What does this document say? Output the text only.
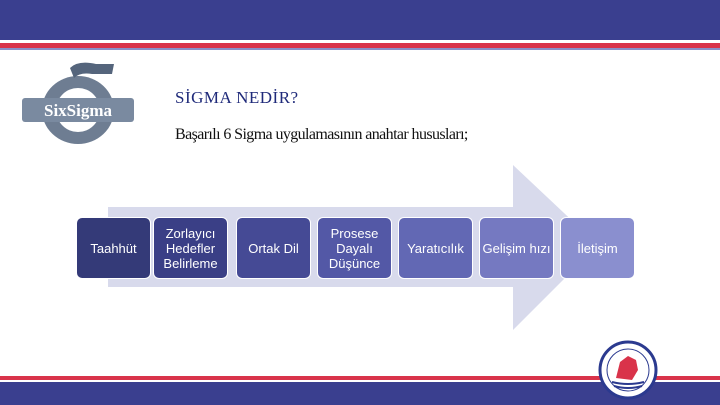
SixSigma
SİGMA NEDİR?
Başarılı 6 Sigma uygulamasının anahtar hususları;
Taahhüt
Zorlayıcı Hedefler Belirleme
Ortak Dil
Prosese Dayalı Düşünce
Yaratıcılık	Gelişim hızı	İletişim
